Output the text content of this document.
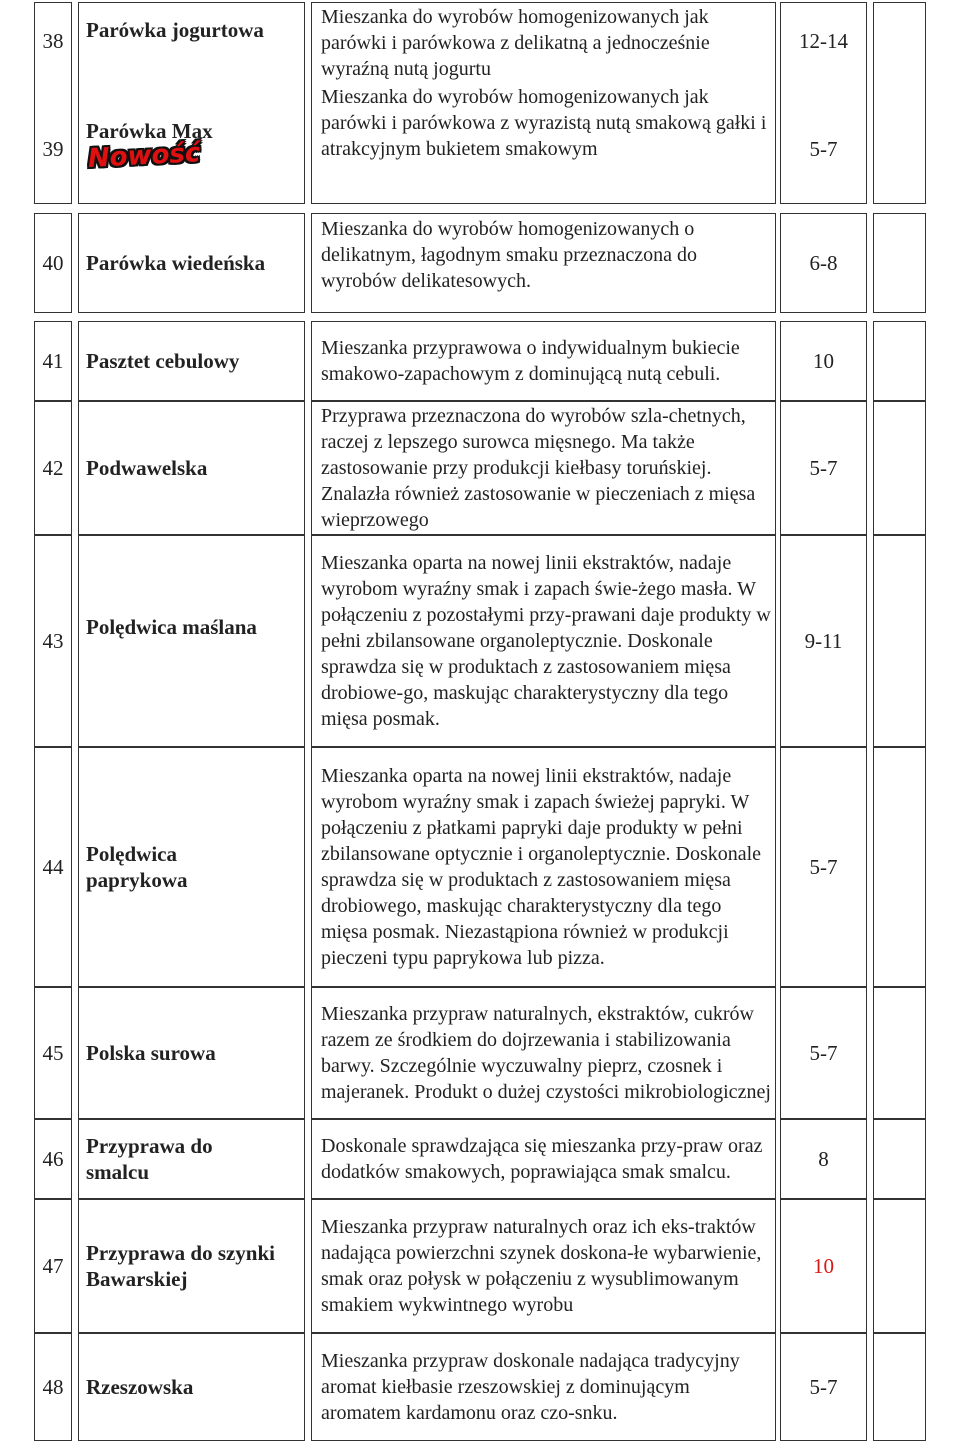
38
39
Parówka jogurtowa
Parówka Max
Nowość
Mieszanka do wyrobów homogenizowanych jak parówki i parówkowa z delikatną a jednocześnie wyraźną nutą jogurtu
Mieszanka do wyrobów homogenizowanych jak parówki i parówkowa z wyrazistą nutą smakową gałki i atrakcyjnym bukietem smakowym
12-14
5-7
40 Parówka wiedeńska
Mieszanka do wyrobów homogenizowanych o delikatnym, łagodnym smaku przeznaczona do wyrobów delikatesowych.
6-8
41 Pasztet cebulowy
Mieszanka przyprawowa o indywidualnym bukiecie smakowo-zapachowym z dominującą nutą cebuli.
10
42 Podwawelska
Przyprawa przeznaczona do wyrobów szla-chetnych, raczej z lepszego surowca mięsnego. Ma także zastosowanie przy produkcji kiełbasy toruńskiej. Znalazła również zastosowanie w pieczeniach z mięsa wieprzowego
5-7
43
Polędwica maślana
Mieszanka oparta na nowej linii ekstraktów, nadaje wyrobom wyraźny smak i zapach świe-żego masła. W połączeniu z pozostałymi przy-prawani daje produkty w pełni zbilansowane organoleptycznie. Doskonale sprawdza się w produktach z zastosowaniem mięsa drobiowe-go, maskując charakterystyczny dla tego mięsa posmak.
9-11
44
Polędwica paprykowa
Mieszanka oparta na nowej linii ekstraktów, nadaje wyrobom wyraźny smak i zapach świeżej papryki. W połączeniu z płatkami papryki daje produkty w pełni zbilansowane optycznie i organoleptycznie. Doskonale sprawdza się w produktach z zastosowaniem mięsa drobiowego, maskując charakterystyczny dla tego mięsa posmak. Niezastąpiona również w produkcji pieczeni typu paprykowa lub pizza.
5-7
45 Polska surowa
Mieszanka przypraw naturalnych, ekstraktów, cukrów razem ze środkiem do dojrzewania i stabilizowania barwy. Szczególnie wyczuwalny pieprz, czosnek i majeranek. Produkt o dużej czystości mikrobiologicznej
5-7
46
Przyprawa do smalcu
Doskonale sprawdzająca się mieszanka przy-praw oraz dodatków smakowych, poprawiająca smak smalcu.
8
47
Przyprawa do szynki Bawarskiej
Mieszanka przypraw naturalnych oraz ich eks-traktów nadająca powierzchni szynek doskona-łe wybarwienie, smak oraz połysk w połączeniu z wysublimowanym smakiem wykwintnego wyrobu
10
48 Rzeszowska
Mieszanka przypraw doskonale nadająca tradycyjny aromat kiełbasie rzeszowskiej z dominującym aromatem kardamonu oraz czo-snku.
5-7
